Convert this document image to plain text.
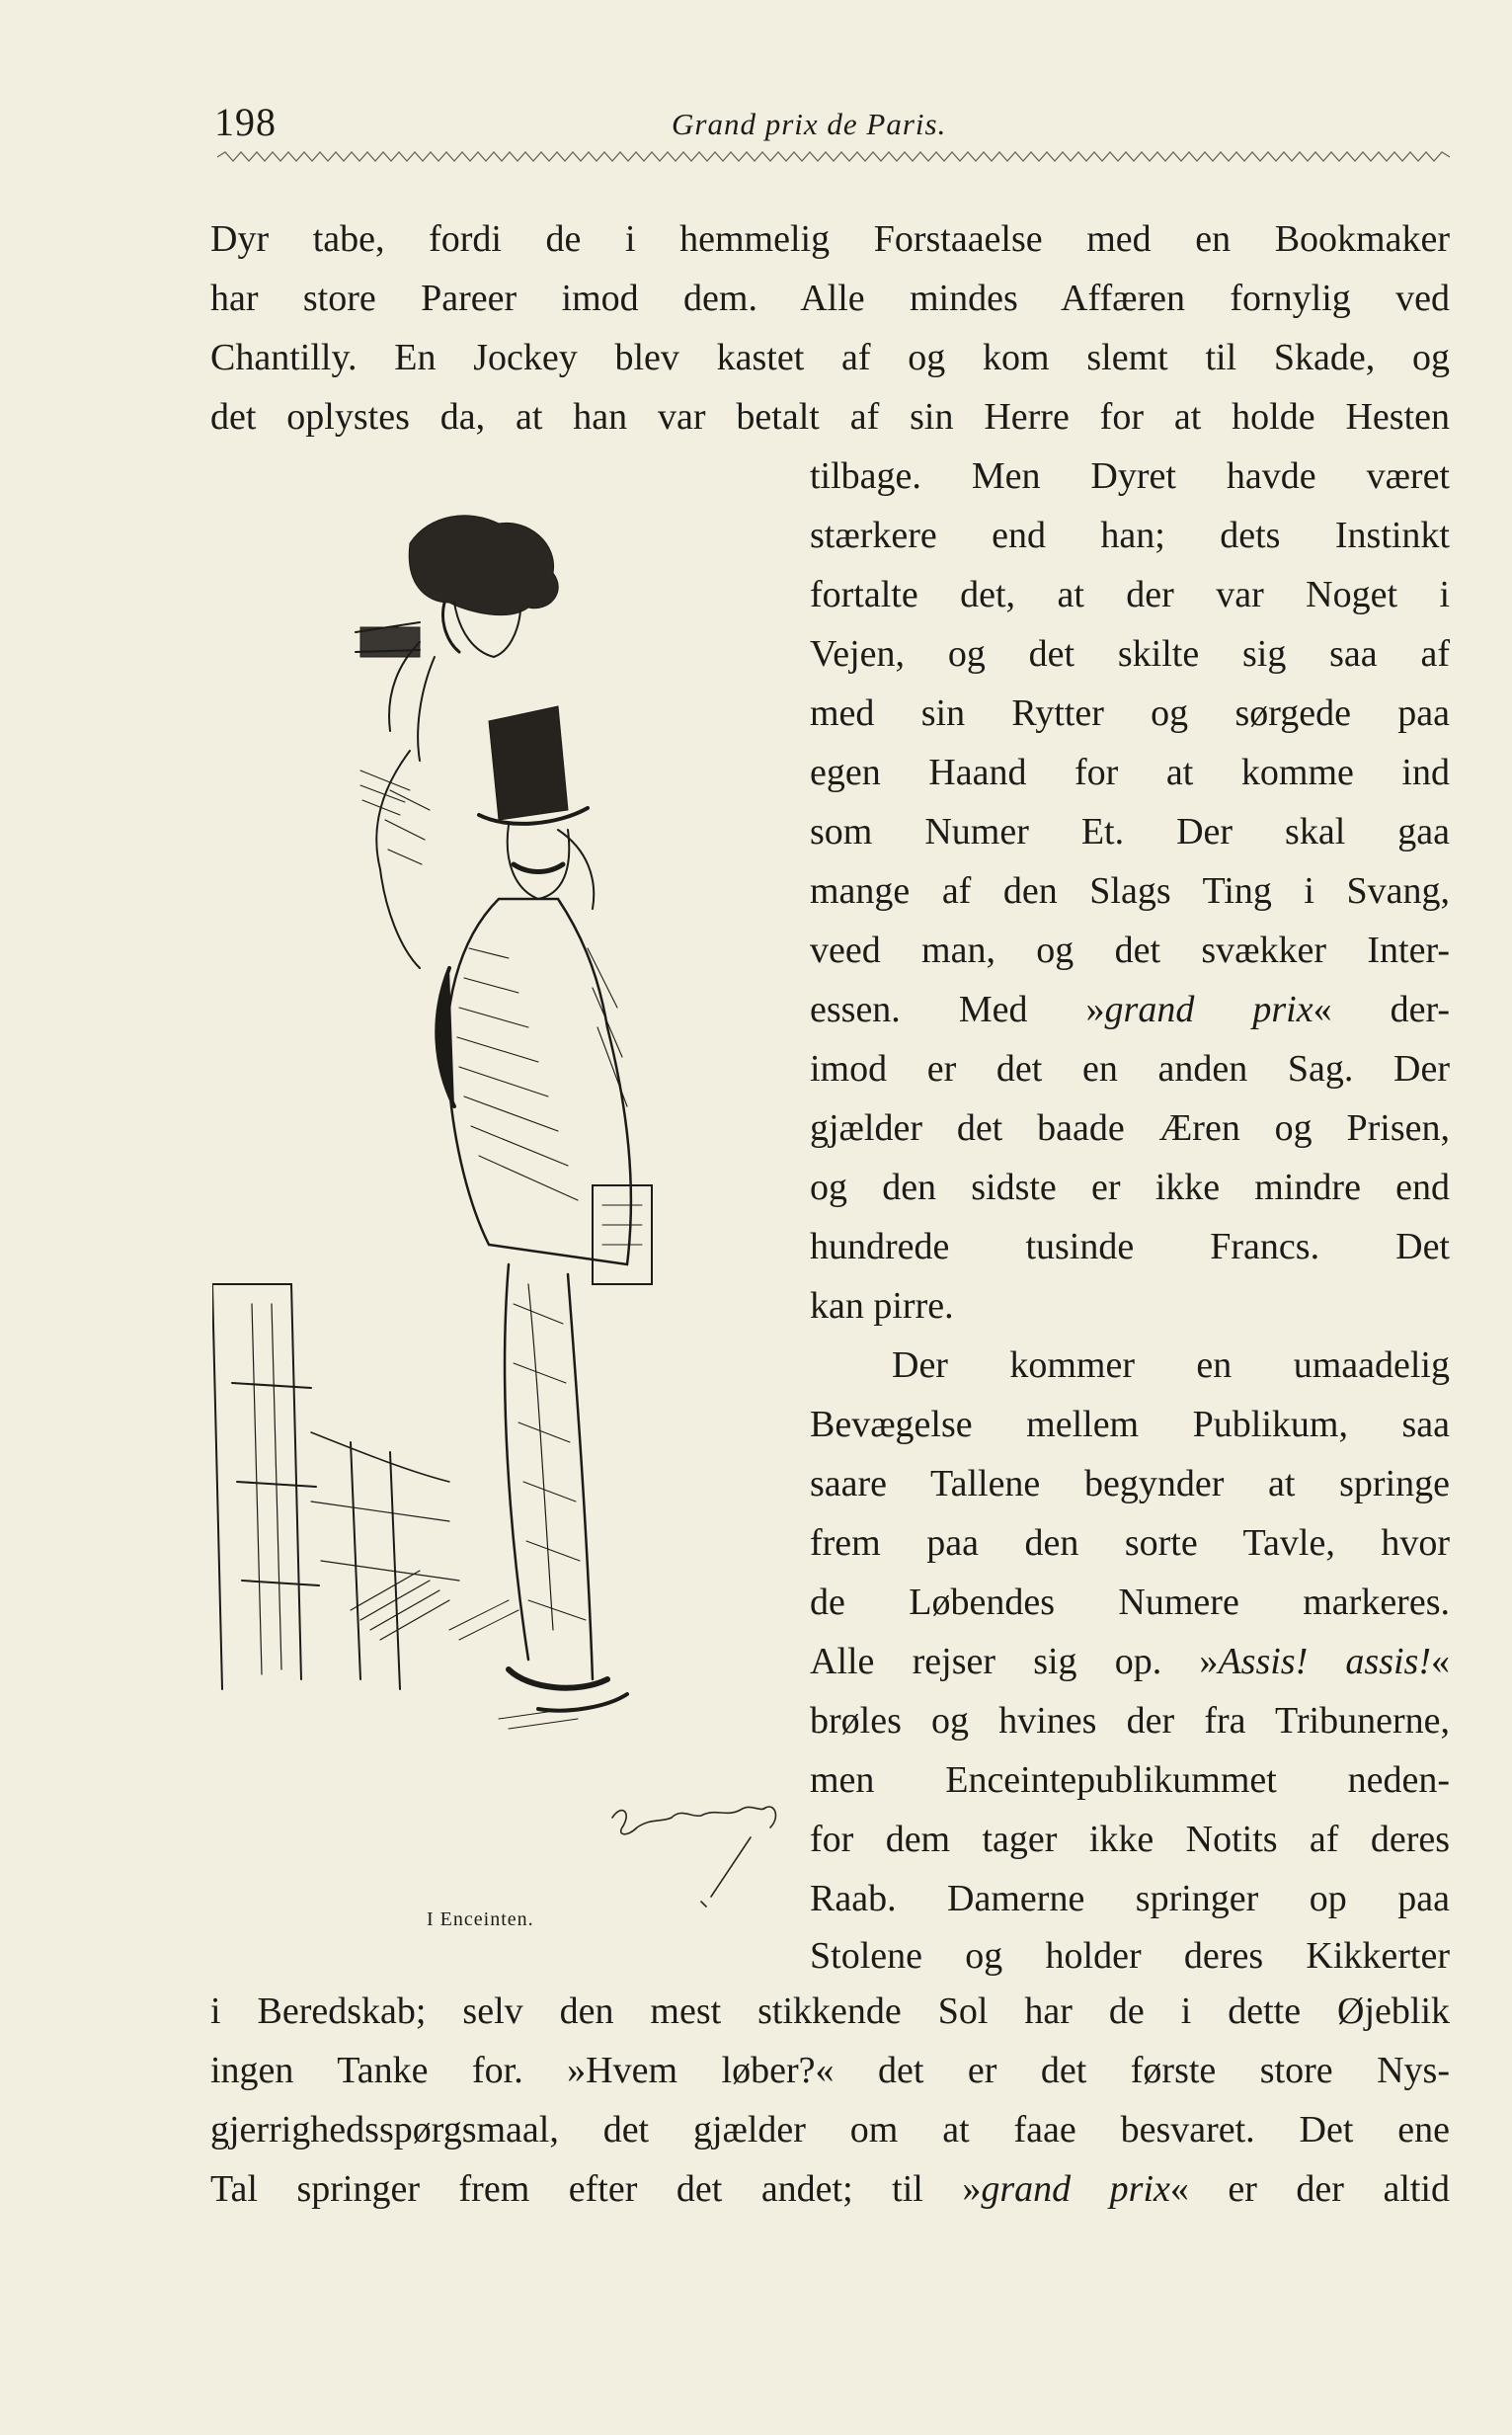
198	Grand prix de Paris.
Dyr tabe, fordi de i hemmelig Forstaaelse med en Bookmaker
har store Pareer imod dem. Alle mindes Affæren fornylig ved
Chantilly. En Jockey blev kastet af og kom slemt til Skade, og
det oplystes da, at han var betalt af sin Herre for at holde Hesten
tilbage. Men Dyret havde været
stærkere end han; dets Instinkt
fortalte det, at der var Noget i
Vejen, og det skilte sig saa af
med sin Rytter og sørgede paa
egen Haand for at komme ind
som Numer Et. Der skal gaa
mange af den Slags Ting i Svang,
veed man, og det svækker Inter-
essen. Med »grand prix« der-
imod er det en anden Sag. Der
gjælder det baade Æren og Prisen,
og den sidste er ikke mindre end
hundrede tusinde Francs. Det
kan pirre.
Der kommer en umaadelig
Bevægelse mellem Publikum, saa
saare Tallene begynder at springe
frem paa den sorte Tavle, hvor
de Løbendes Numere markeres.
Alle rejser sig op. »Assis! assis!«
brøles og hvines der fra Tribunerne,
men Enceintepublikummet neden-
for dem tager ikke Notits af deres
Raab. Damerne springer op paa
Stolene og holder deres Kikkerter
i Beredskab; selv den mest stikkende Sol har de i dette Øjeblik
ingen Tanke for. »Hvem løber?« det er det første store Nys-
gjerrighedsspørgsmaal, det gjælder om at faae besvaret. Det ene
Tal springer frem efter det andet; til »grand prix« er der altid
I Enceinten.
